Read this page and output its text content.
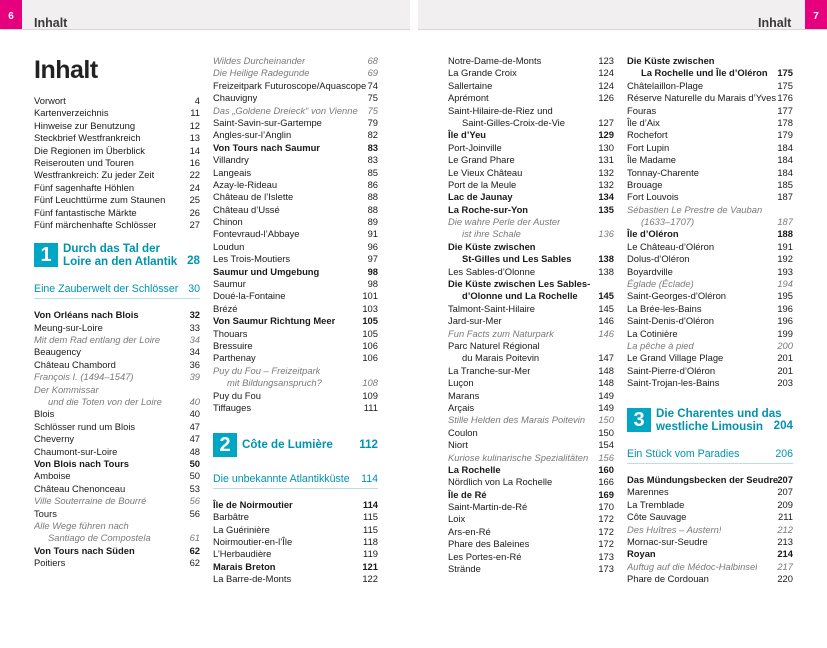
6	Inhalt	Inhalt	7
Inhalt
Vorwort	4
Kartenverzeichnis	11
Hinweise zur Benutzung	12
Steckbrief Westfrankreich	13
Die Regionen im Überblick	14
Reiserouten und Touren	16
Westfrankreich: Zu jeder Zeit	22
Fünf sagenhafte Höhlen	24
Fünf Leuchttürme zum Staunen	25
Fünf fantastische Märkte	26
Fünf märchenhafte Schlösser	27
1 Durch das Tal der
Loire an den Atlantik 28
Eine Zauberwelt der Schlösser 30
Von Orléans nach Blois	32
Meung-sur-Loire	33
Mit dem Rad entlang der Loire	34
Beaugency	34
Château Chambord	36
François I. (1494–1547)	39
Der Kommissar
und die Toten von der Loire	40
Blois	40
Schlösser rund um Blois	47
Cheverny	47
Chaumont-sur-Loire	48
Von Blois nach Tours	50
Amboise	50
Château Chenonceau	53
Ville Souterraine de Bourré	56
Tours	56
Alle Wege führen nach
Santiago de Compostela	61
Von Tours nach Süden	62
Poitiers	62
Wildes Durcheinander	68
Die Heilige Radegunde	69
Freizeitpark Futuroscope/Aquascope 74
Chauvigny	75
Das „Goldene Dreieck“ von Vienne 75
Saint-Savin-sur-Gartempe	79
Angles-sur-l’Anglin	82
Von Tours nach Saumur	83
Villandry	83
Langeais	85
Azay-le-Rideau	86
Château de l’Islette	88
Château d’Ussé	88
Chinon	89
Fontevraud-l’Abbaye	91
Loudun	96
Les Trois-Moutiers	97
Saumur und Umgebung	98
Saumur	98
Doué-la-Fontaine	101
Brézé	103
Von Saumur Richtung Meer	105
Thouars	105
Bressuire	106
Parthenay	106
Puy du Fou – Freizeitpark
mit Bildungsanspruch?	108
Puy du Fou	109
Tiffauges	111
2 Côte de Lumière 112
Die unbekannte Atlantikküste 114
Île de Noirmoutier	114
Barbâtre	115
La Guérinière	115
Noirmoutier-en-l’Île	118
L’Herbaudière	119
Marais Breton	121
La Barre-de-Monts	122
Notre-Dame-de-Monts	123
La Grande Croix	124
Sallertaine	124
Aprémont	126
Saint-Hilaire-de-Riez und
Saint-Gilles-Croix-de-Vie	127
Île d’Yeu	129
Port-Joinville	130
Le Grand Phare	131
Le Vieux Château	132
Port de la Meule	132
Lac de Jaunay	134
La Roche-sur-Yon	135
Die wahre Perle der Auster
ist ihre Schale	136
Die Küste zwischen
St-Gilles und Les Sables	138
Les Sables-d’Olonne	138
Die Küste zwischen Les Sables-
d’Olonne und La Rochelle 145
Talmont-Saint-Hilaire	145
Jard-sur-Mer	146
Fun Facts zum Naturpark	146
Parc Naturel Régional
du Marais Poitevin	147
La Tranche-sur-Mer	148
Luçon	148
Marans	149
Arçais	149
Stille Helden des Marais Poitevin 150
Coulon	150
Niort	154
Kuriose kulinarische Spezialitäten 156
La Rochelle	160
Nördlich von La Rochelle	166
Île de Ré	169
Saint-Martin-de-Ré	170
Loix	172
Ars-en-Ré	172
Phare des Baleines	172
Les Portes-en-Ré	173
Strände	173
Die Küste zwischen
La Rochelle und Île d’Oléron 175
Châtelaillon-Plage	175
Réserve Naturelle du Marais d’Yves 176
Fouras	177
Île d’Aix	178
Rochefort	179
Fort Lupin	184
Île Madame	184
Tonnay-Charente	184
Brouage	185
Fort Louvois	187
Sébastien Le Prestre de Vauban
(1633–1707)	187
Île d’Oléron	188
Le Château-d’Oléron	191
Dolus-d’Oléron	192
Boyardville	193
Églade (Éclade)	194
Saint-Georges-d’Oléron	195
La Brée-les-Bains	196
Saint-Denis-d’Oléron	196
La Cotinière	199
La pêche à pied	200
Le Grand Village Plage	201
Saint-Pierre-d’Oléron	201
Saint-Trojan-les-Bains	203
3 Die Charentes und das
westliche Limousin 204
Ein Stück vom Paradies	206
Das Mündungsbecken der Seudre 207
Marennes	207
La Tremblade	209
Côte Sauvage	211
Des Huîtres – Austern!	212
Mornac-sur-Seudre	213
Royan	214
Auftug auf die Médoc-Halbinsel 217
Phare de Cordouan	220
